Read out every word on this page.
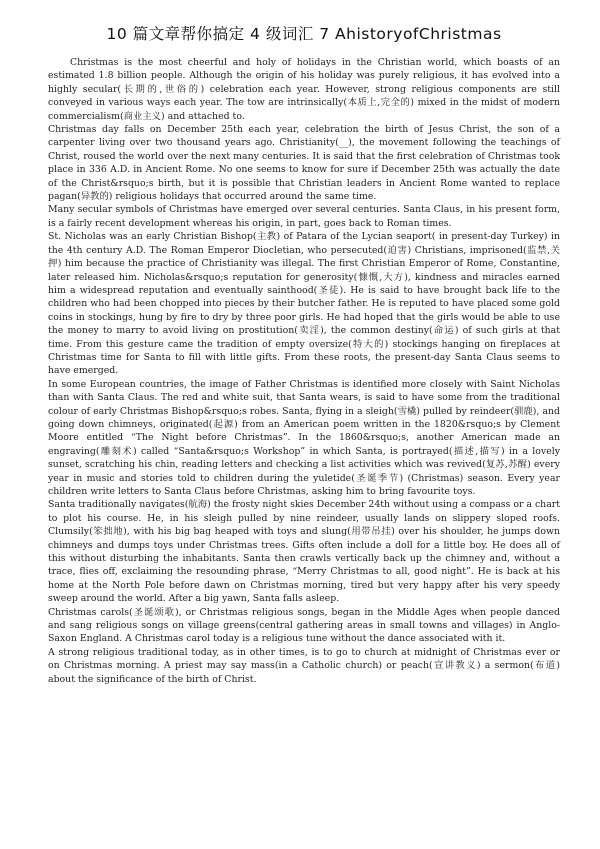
10 篇文章帮你搞定 4 级词汇 7 AhistoryofChristmas

Christmas is the most cheerful and holy of holidays in the Christian world, which boasts of an estimated 1.8 billion people. Although the origin of his holiday was purely religious, it has evolved into a highly secular(长期的,世俗的) celebration each year. However, strong religious components are still conveyed in various ways each year. The tow are intrinsically(本质上,完全的) mixed in the midst of modern commercialism(商业主义) and attached to.

Christmas day falls on December 25th each year, celebration the birth of Jesus Christ, the son of a carpenter living over two thousand years ago. Christianity(__), the movement following the teachings of Christ, roused the world over the next many centuries. It is said that the first celebration of Christmas took place in 336 A.D. in Ancient Rome. No one seems to know for sure if December 25th was actually the date of the Christ&rsquo;s birth, but it is possible that Christian leaders in Ancient Rome wanted to replace pagan(异教的) religious holidays that occurred around the same time.

Many secular symbols of Christmas have emerged over several centuries. Santa Claus, in his present form, is a fairly recent development whereas his origin, in part, goes back to Roman times.

St. Nicholas was an early Christian Bishop(主教) of Patara of the Lycian seaport( in present-day Turkey) in the 4th century A.D. The Roman Emperor Diocletian, who persecuted(迫害) Christians, imprisoned(监禁,关押) him because the practice of Christianity was illegal. The first Christian Emperor of Rome, Constantine, later released him. Nicholas&rsquo;s reputation for generosity(慷慨,大方), kindness and miracles earned him a widespread reputation and eventually sainthood(圣徒). He is said to have brought back life to the children who had been chopped into pieces by their butcher father. He is reputed to have placed some gold coins in stockings, hung by fire to dry by three poor girls. He had hoped that the girls would be able to use the money to marry to avoid living on prostitution(卖淫), the common destiny(命运) of such girls at that time. From this gesture came the tradition of empty oversize(特大的) stockings hanging on fireplaces at Christmas time for Santa to fill with little gifts. From these roots, the present-day Santa Claus seems to have emerged.

In some European countries, the image of Father Christmas is identified more closely with Saint Nicholas than with Santa Claus. The red and white suit, that Santa wears, is said to have some from the traditional colour of early Christmas Bishop&rsquo;s robes. Santa, flying in a sleigh(雪橇) pulled by reindeer(驯鹿), and going down chimneys, originated(起源) from an American poem written in the 1820&rsquo;s by Clement Moore entitled “The Night before Christmas”. In the 1860&rsquo;s, another American made an engraving(雕刻术) called “Santa&rsquo;s Workshop” in which Santa, is portrayed(描述,描写) in a lovely sunset, scratching his chin, reading letters and checking a list activities which was revived(复苏,苏醒) every year in music and stories told to children during the yuletide(圣诞季节) (Christmas) season. Every year children write letters to Santa Claus before Christmas, asking him to bring favourite toys.

Santa traditionally navigates(航海) the frosty night skies December 24th without using a compass or a chart to plot his course. He, in his sleigh pulled by nine reindeer, usually lands on slippery sloped roofs. Clumsily(笨拙地), with his big bag heaped with toys and slung(用带吊挂) over his shoulder, he jumps down chimneys and dumps toys under Christmas trees. Gifts often include a doll for a little boy. He does all of this without disturbing the inhabitants. Santa then crawls vertically back up the chimney and, without a trace, flies off, exclaiming the resounding phrase, “Merry Christmas to all, good night”. He is back at his home at the North Pole before dawn on Christmas morning, tired but very happy after his very speedy sweep around the world. After a big yawn, Santa falls asleep.

Christmas carols(圣诞颂歌), or Christmas religious songs, began in the Middle Ages when people danced and sang religious songs on village greens(central gathering areas in small towns and villages) in Anglo-Saxon England. A Christmas carol today is a religious tune without the dance associated with it.

A strong religious traditional today, as in other times, is to go to church at midnight of Christmas ever or on Christmas morning. A priest may say mass(in a Catholic church) or peach(宣讲教义) a sermon(布道) about the significance of the birth of Christ.
